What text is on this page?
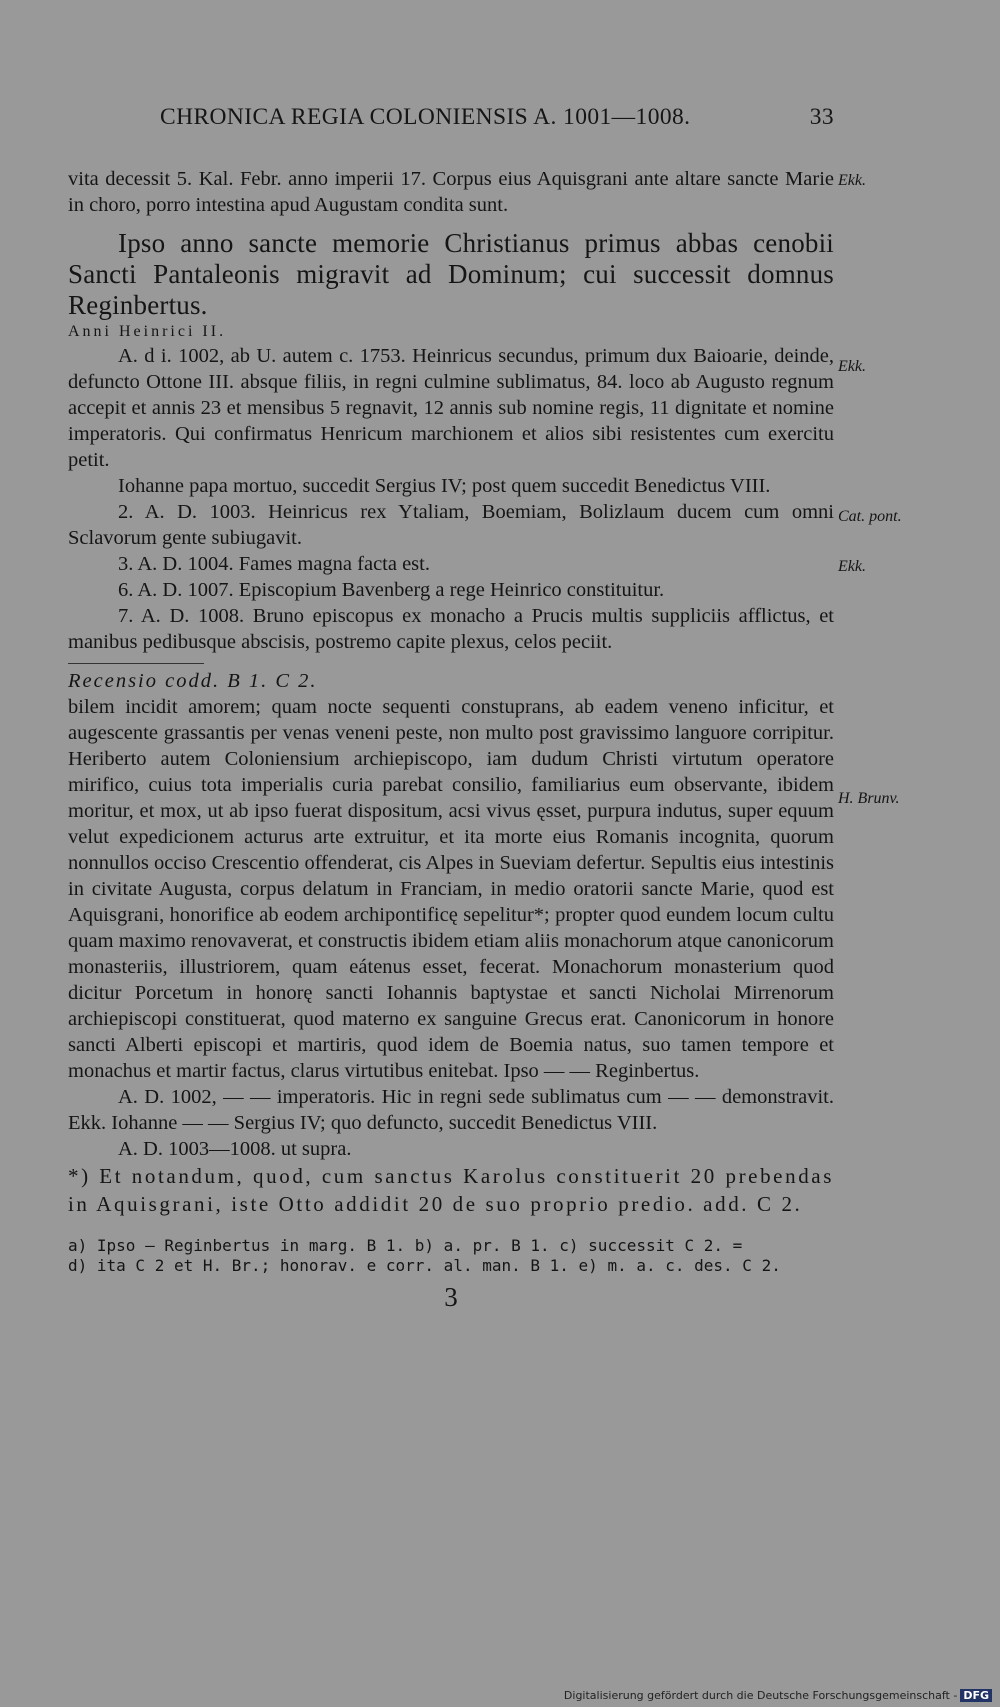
CHRONICA REGIA COLONIENSIS A. 1001—1008.	33

vita decessit 5. Kal. Febr. anno imperii 17. Corpus eius Aquisgrani ante altare sancte Marie in choro, porro intestina apud Augustam condita sunt.

Ipso anno sancte memorie Christianus primus abbas cenobii Sancti Pantaleonis migravit ad Dominum; cui successit domnus Reginbertus.

Anni Heinrici II.

A. d i. 1002, ab U. autem c. 1753. Heinricus secundus, primum dux Baioarie, deinde, defuncto Ottone III. absque filiis, in regni culmine sublimatus, 84. loco ab Augusto regnum accepit et annis 23 et mensibus 5 regnavit, 12 annis sub nomine regis, 11 dignitate et nomine imperatoris. Qui confirmatus Henricum marchionem et alios sibi resistentes cum exercitu petit.

Iohanne papa mortuo, succedit Sergius IV; post quem succedit Benedictus VIII.

2. A. D. 1003. Heinricus rex Ytaliam, Boemiam, Bolizlaum ducem cum omni Sclavorum gente subiugavit.

3. A. D. 1004. Fames magna facta est.

6. A. D. 1007. Episcopium Bavenberg a rege Heinrico constituitur.

7. A. D. 1008. Bruno episcopus ex monacho a Prucis multis suppliciis afflictus, et manibus pedibusque abscisis, postremo capite plexus, celos peciit.

Recensio codd. B 1. C 2.

bilem incidit amorem; quam nocte sequenti constuprans, ab eadem veneno inficitur, et augescente grassantis per venas veneni peste, non multo post gravissimo languore corripitur. Heriberto autem Coloniensium archiepiscopo, iam dudum Christi virtutum operatore mirifico, cuius tota imperialis curia parebat consilio, familiarius eum observante, ibidem moritur, et mox, ut ab ipso fuerat dispositum, acsi vivus ęsset, purpura indutus, super equum velut expedicionem acturus arte extruitur, et ita morte eius Romanis incognita, quorum nonnullos occiso Crescentio offenderat, cis Alpes in Sueviam defertur. Sepultis eius intestinis in civitate Augusta, corpus delatum in Franciam, in medio oratorii sancte Marie, quod est Aquisgrani, honorifice ab eodem archipontificę sepelitur*; propter quod eundem locum cultu quam maximo renovaverat, et constructis ibidem etiam aliis monachorum atque canonicorum monasteriis, illustriorem, quam eátenus esset, fecerat. Monachorum monasterium quod dicitur Porcetum in honorę sancti Iohannis baptystae et sancti Nicholai Mirrenorum archiepiscopi constituerat, quod materno ex sanguine Grecus erat. Canonicorum in honore sancti Alberti episcopi et martiris, quod idem de Boemia natus, suo tamen tempore et monachus et martir factus, clarus virtutibus enitebat. Ipso — — Reginbertus.

A. D. 1002, — — imperatoris. Hic in regni sede sublimatus cum — — demonstravit. Ekk. Iohanne — — Sergius IV; quo defuncto, succedit Benedictus VIII.

A. D. 1003—1008. ut supra.

*) Et notandum, quod, cum sanctus Karolus constituerit 20 prebendas in Aquisgrani, iste Otto addidit 20 de suo proprio predio. add. C 2.

a) Ipso — Reginbertus in marg. B 1. b) a. pr. B 1. c) successit C 2. =

d) ita C 2 et H. Br.; honorav. e corr. al. man. B 1. e) m. a. c. des. C 2.

3
Ekk.
Ekk.
Cat. pont.
Ekk.
H. Brunv.
Digitalisierung gefördert durch die Deutsche Forschungsgemeinschaft - DFG
